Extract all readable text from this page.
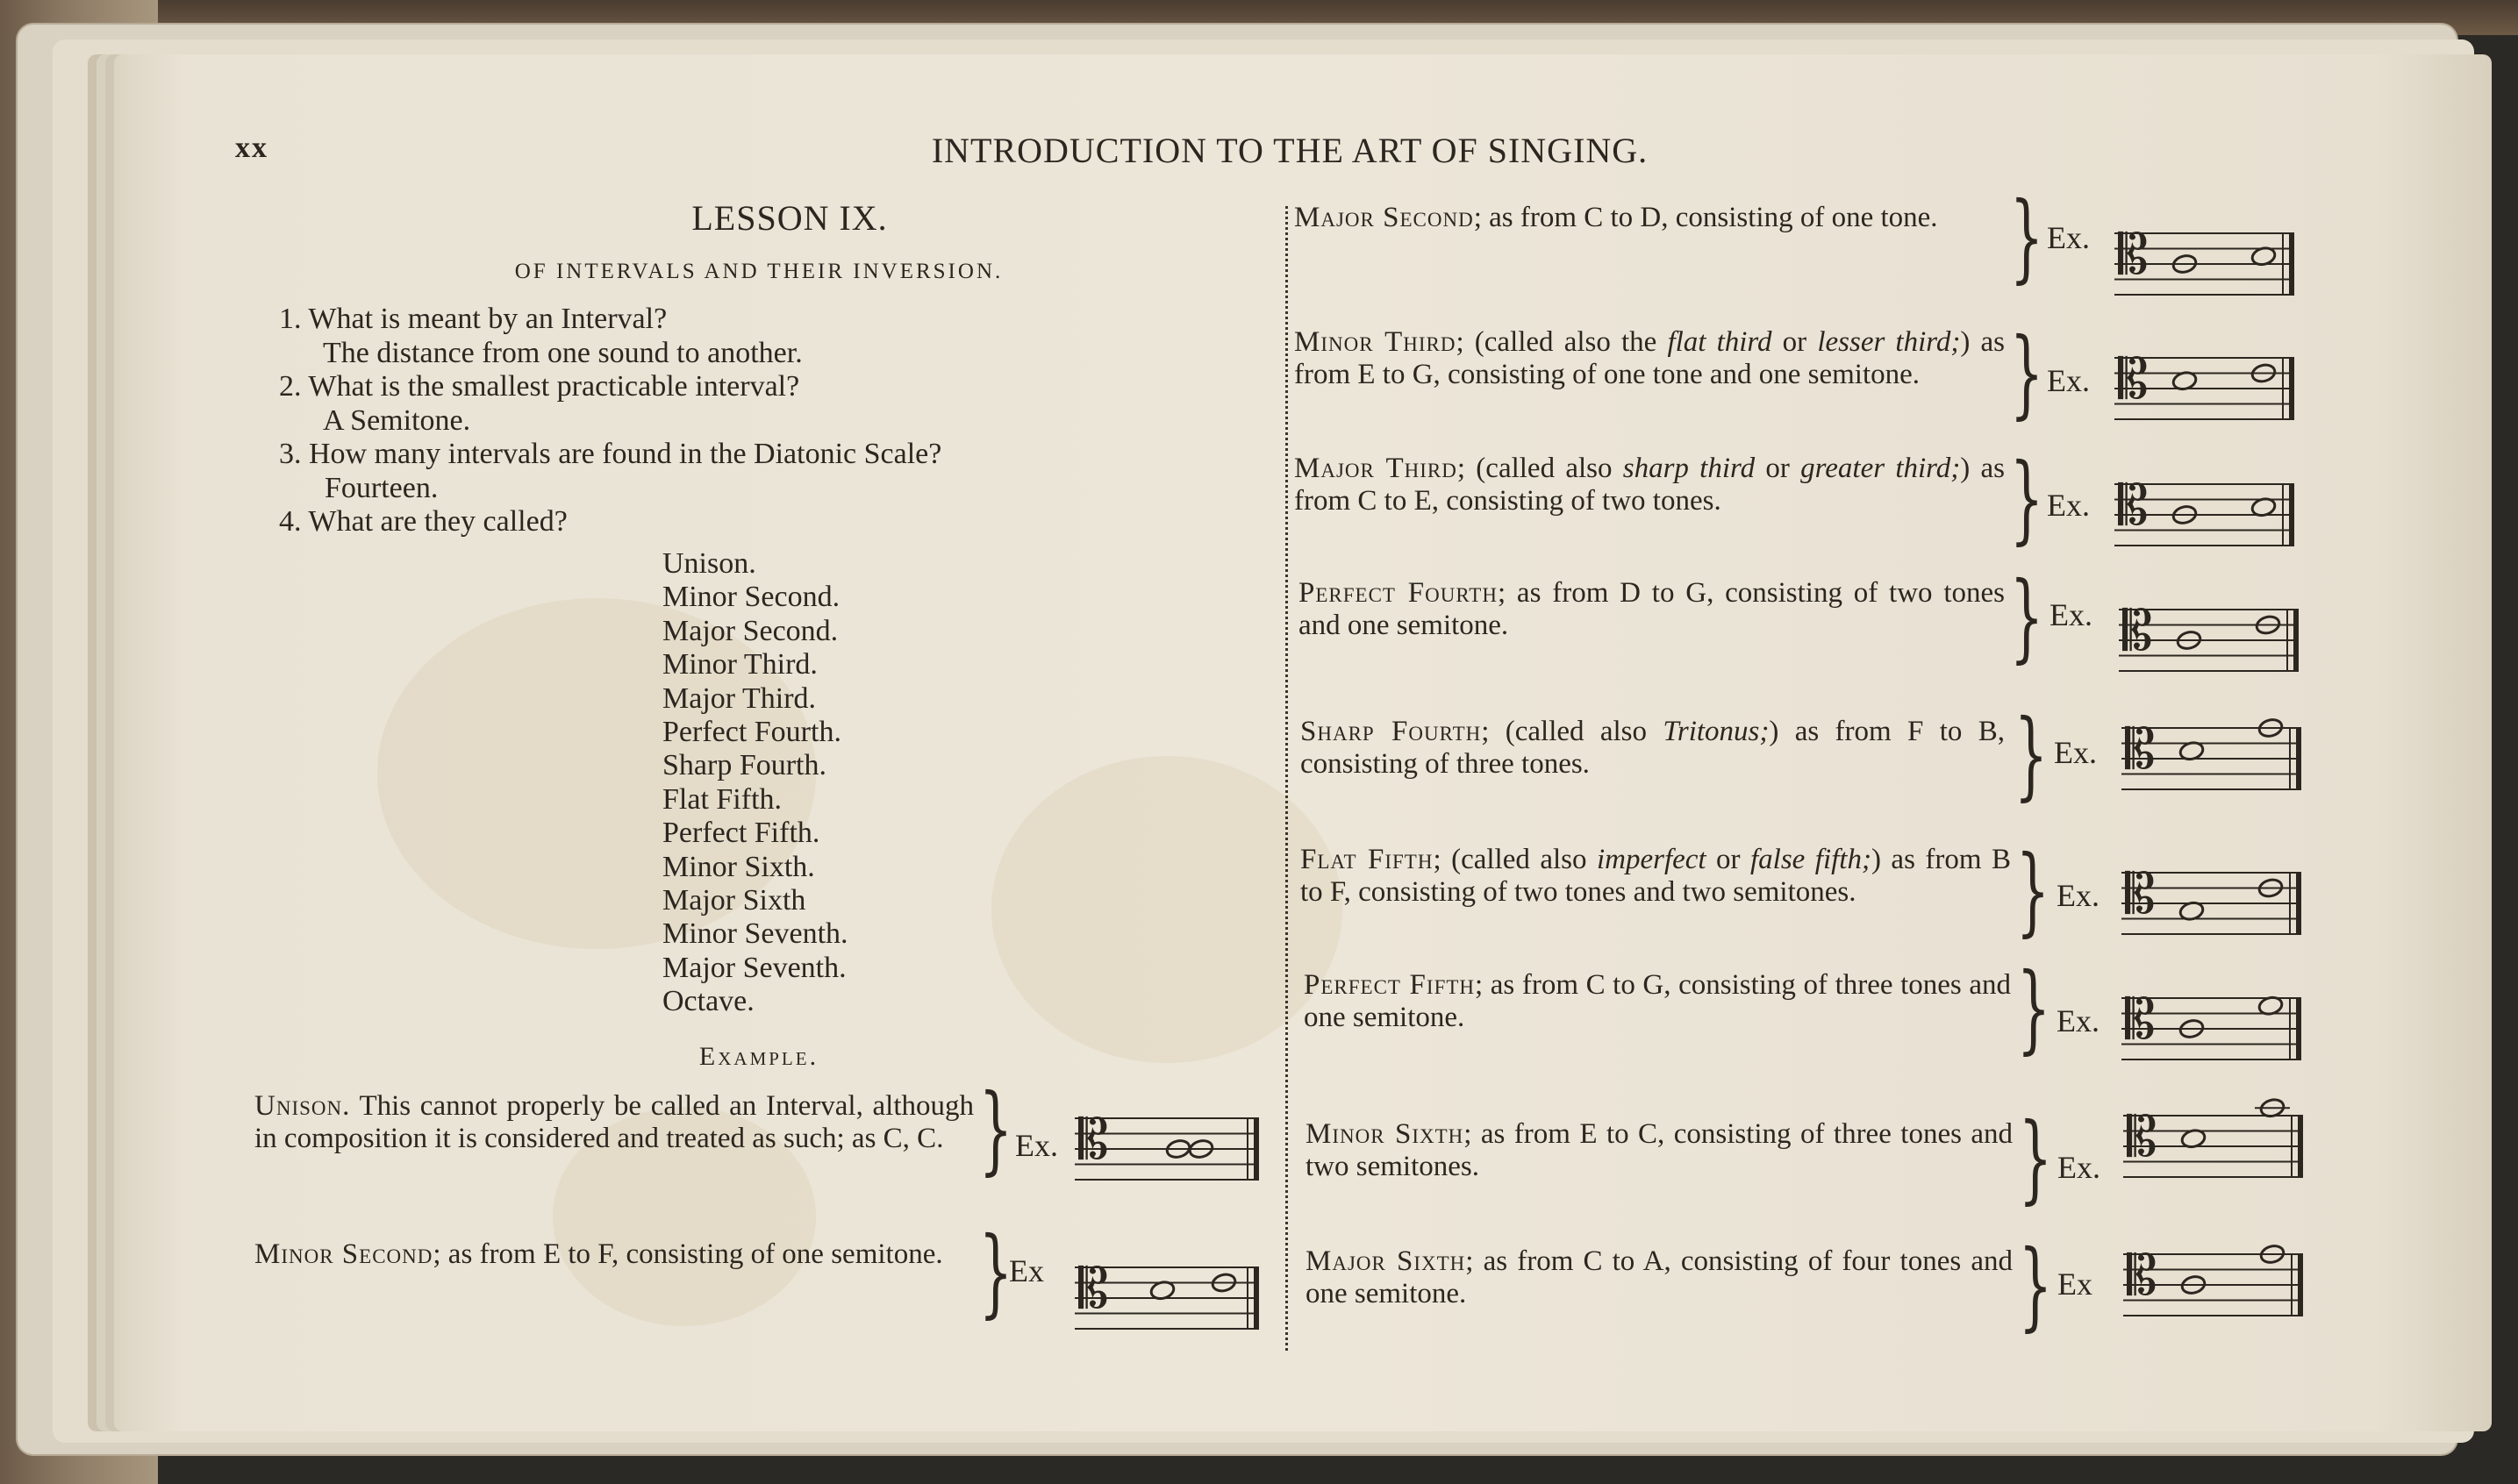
xx	INTRODUCTION TO THE ART OF SINGING.
LESSON IX.
OF INTERVALS AND THEIR INVERSION.
1. What is meant by an Interval?
The distance from one sound to another.
2. What is the smallest practicable interval?
A Semitone.
3. How many intervals are found in the Diatonic Scale?
Fourteen.
4. What are they called?
Unison.
Minor Second.
Major Second.
Minor Third.
Major Third.
Perfect Fourth.
Sharp Fourth.
Flat Fifth.
Perfect Fifth.
Minor Sixth.
Major Sixth
Minor Seventh.
Major Seventh.
Octave.
Example.
Unison. This cannot properly be called an Interval, although in composition it is considered and treated as such; as C, C. } Ex. 𝄡
Minor Second; as from E to F, consisting of one semitone. }
Ex 𝄡
Major Second; as from C to D, consisting of one tone. } Ex. 𝄡
Minor Third; (called also the flat third or lesser third;) as from E to G, consisting of one tone and one semitone. } Ex. 𝄡
Major Third; (called also sharp third or greater third;) as from C to E, consisting of two tones.	} Ex. 𝄡
Perfect Fourth; as from D to G, consisting of two tones and one semitone.	} Ex. 𝄡
Sharp Fourth; (called also Tritonus;) as from F to B, consisting of three tones.	} Ex. 𝄡
Flat Fifth; (called also imperfect or false fifth;) as from B to F, consisting of two tones and two semitones.	} Ex. 𝄡
Perfect Fifth; as from C to G, consisting of three tones and one semitone.	} Ex. 𝄡
Minor Sixth; as from E to C, consisting of three tones and two semitones.	} Ex. 𝄡
Major Sixth; as from C to A, consisting of four tones and one semitone.	} Ex 𝄡
